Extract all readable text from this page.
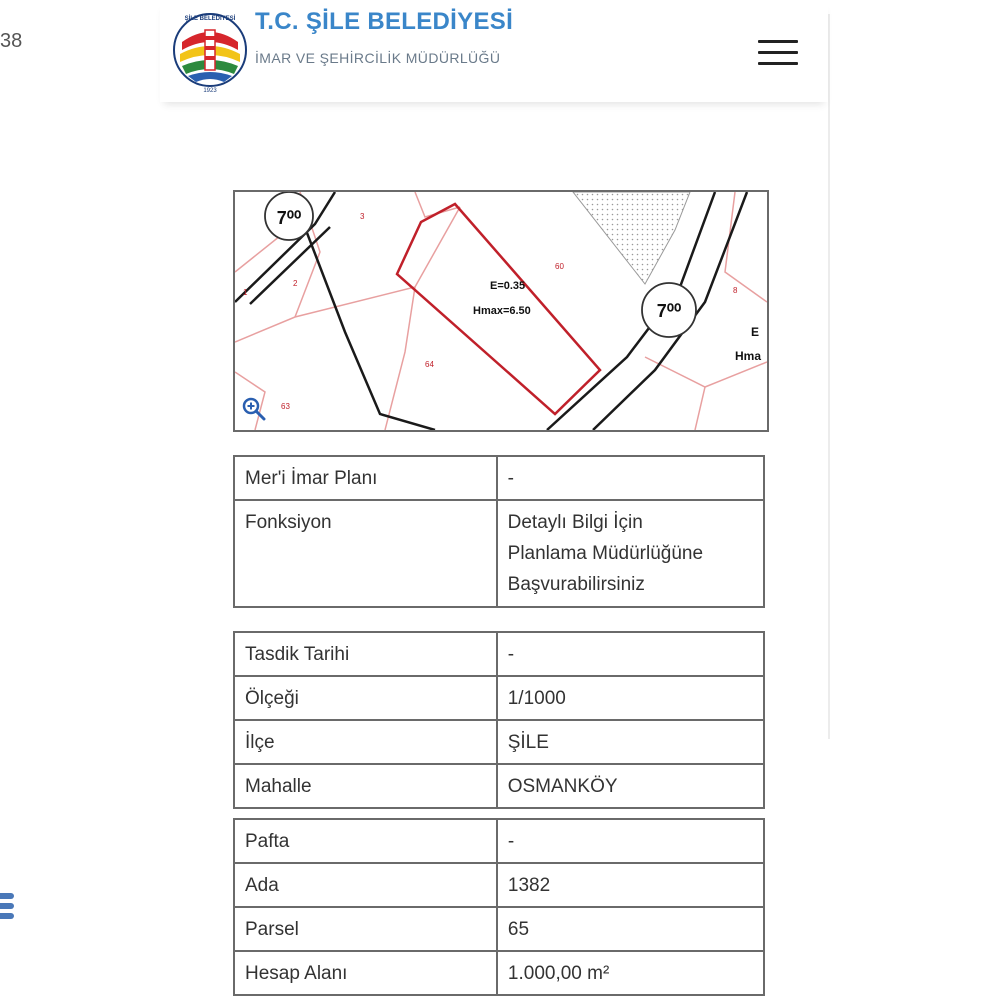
38
ŞİLE BELEDİYESİ
1923
T.C. ŞİLE BELEDİYESİ
İMAR VE ŞEHİRCİLİK MÜDÜRLÜĞÜ
E=0.35
Hmax=6.50
7⁰⁰
7⁰⁰
3
2
1
60
64
63
8
E
Hma
Mer'i İmar Planı	-
Fonksiyon	Detaylı Bilgi İçin
Planlama Müdürlüğüne
Başvurabilirsiniz
Tasdik Tarihi	-
Ölçeği	1/1000
İlçe	ŞİLE
Mahalle	OSMANKÖY
Pafta	-
Ada	1382
Parsel	65
Hesap Alanı	1.000,00 m²
